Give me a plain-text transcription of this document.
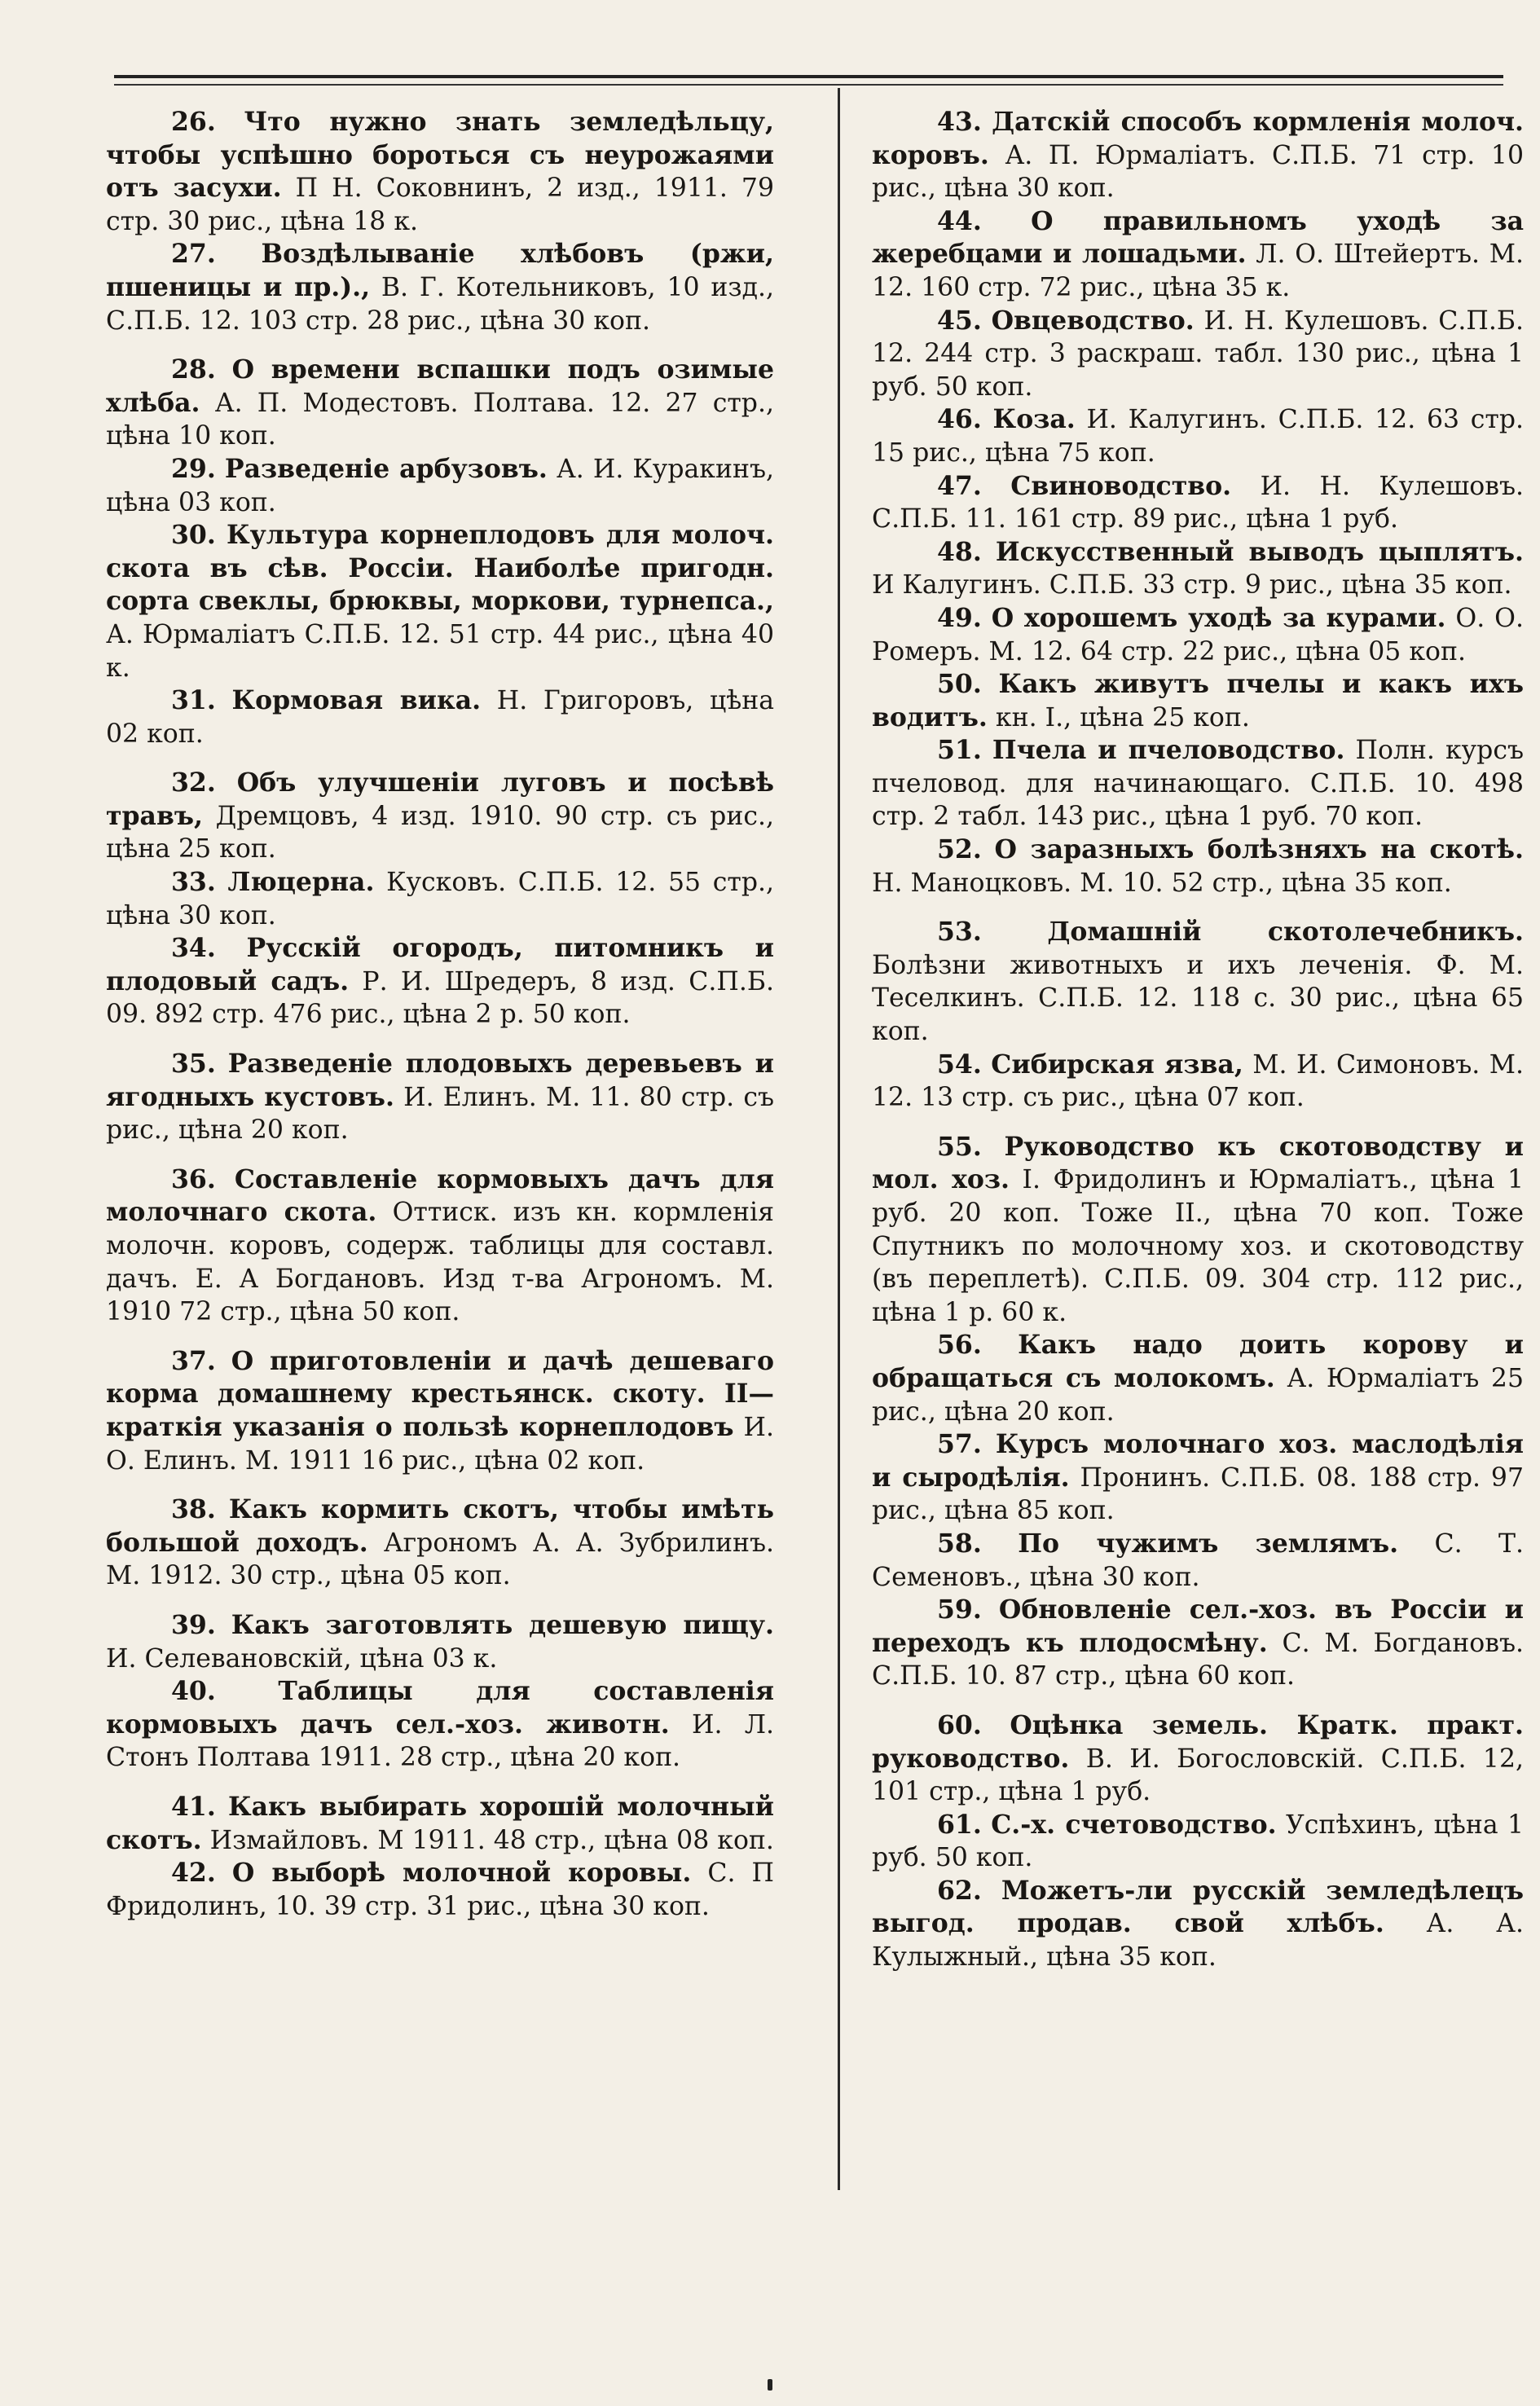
26. Что нужно знать земледѣльцу, чтобы успѣшно бороться съ неурожаями отъ засухи. П Н. Соковнинъ, 2 изд., 1911. 79 стр. 30 рис., цѣна 18 к.

27. Воздѣлываніе хлѣбовъ (ржи, пшеницы и пр.)., В. Г. Котельниковъ, 10 изд., С.П.Б. 12. 103 стр. 28 рис., цѣна 30 коп.

28. О времени вспашки подъ озимые хлѣба. А. П. Модестовъ. Полтава. 12. 27 стр., цѣна 10 коп.

29. Разведеніе арбузовъ. А. И. Куракинъ, цѣна 03 коп.

30. Культура корнеплодовъ для молоч. скота въ сѣв. Россіи. Наиболѣе пригодн. сорта свеклы, брюквы, моркови, турнепса., А. Юрмаліатъ С.П.Б. 12. 51 стр. 44 рис., цѣна 40 к.

31. Кормовая вика. Н. Григоровъ, цѣна 02 коп.

32. Объ улучшеніи луговъ и посѣвѣ травъ, Дремцовъ, 4 изд. 1910. 90 стр. съ рис., цѣна 25 коп.

33. Люцерна. Кусковъ. С.П.Б. 12. 55 стр., цѣна 30 коп.

34. Русскій огородъ, питомникъ и плодовый садъ. Р. И. Шредеръ, 8 изд. С.П.Б. 09. 892 стр. 476 рис., цѣна 2 р. 50 коп.

35. Разведеніе плодовыхъ деревьевъ и ягодныхъ кустовъ. И. Елинъ. М. 11. 80 стр. съ рис., цѣна 20 коп.

36. Составленіе кормовыхъ дачъ для молочнаго скота. Оттиск. изъ кн. кормленія молочн. коровъ, содерж. таблицы для составл. дачъ. Е. А Богдановъ. Изд т-ва Агрономъ. М. 1910 72 стр., цѣна 50 коп.

37. О приготовленіи и дачѣ дешеваго корма домашнему крестьянск. скоту. II—краткія указанія о пользѣ корнеплодовъ И. О. Елинъ. М. 1911 16 рис., цѣна 02 коп.

38. Какъ кормить скотъ, чтобы имѣть большой доходъ. Агрономъ А. А. Зубрилинъ. М. 1912. 30 стр., цѣна 05 коп.

39. Какъ заготовлять дешевую пищу. И. Селевановскій, цѣна 03 к.

40. Таблицы для составленія кормовыхъ дачъ сел.-хоз. животн. И. Л. Стонъ Полтава 1911. 28 стр., цѣна 20 коп.

41. Какъ выбирать хорошій молочный скотъ. Измайловъ. М 1911. 48 стр., цѣна 08 коп.

42. О выборѣ молочной коровы. С. П Фридолинъ, 10. 39 стр. 31 рис., цѣна 30 коп.

43. Датскій способъ кормленія молоч. коровъ. А. П. Юрмаліатъ. С.П.Б. 71 стр. 10 рис., цѣна 30 коп.

44. О правильномъ уходѣ за жеребцами и лошадьми. Л. О. Штейертъ. М. 12. 160 стр. 72 рис., цѣна 35 к.

45. Овцеводство. И. Н. Кулешовъ. С.П.Б. 12. 244 стр. 3 раскраш. табл. 130 рис., цѣна 1 руб. 50 коп.

46. Коза. И. Калугинъ. С.П.Б. 12. 63 стр. 15 рис., цѣна 75 коп.

47. Свиноводство. И. Н. Кулешовъ. С.П.Б. 11. 161 стр. 89 рис., цѣна 1 руб.

48. Искусственный выводъ цыплятъ. И Калугинъ. С.П.Б. 33 стр. 9 рис., цѣна 35 коп.

49. О хорошемъ уходѣ за курами. О. О. Ромеръ. М. 12. 64 стр. 22 рис., цѣна 05 коп.

50. Какъ живутъ пчелы и какъ ихъ водитъ. кн. I., цѣна 25 коп.

51. Пчела и пчеловодство. Полн. курсъ пчеловод. для начинающаго. С.П.Б. 10. 498 стр. 2 табл. 143 рис., цѣна 1 руб. 70 коп.

52. О заразныхъ болѣзняхъ на скотѣ. Н. Маноцковъ. М. 10. 52 стр., цѣна 35 коп.

53.	Домашній скотолечебникъ. Болѣзни животныхъ и ихъ леченія. Ф. М. Теселкинъ. С.П.Б. 12. 118 с. 30 рис., цѣна 65 коп.

54. Сибирская язва, М. И. Симоновъ. М. 12. 13 стр. съ рис., цѣна 07 коп.

55. Руководство къ скотоводству и мол. хоз. I. Фридолинъ и Юрмаліатъ., цѣна 1 руб. 20 коп. Тоже II., цѣна 70 коп. Тоже Спутникъ по молочному хоз. и скотоводству (въ переплетѣ). С.П.Б. 09. 304 стр. 112 рис., цѣна 1 р. 60 к.

56. Какъ надо доить корову и обращаться съ молокомъ. А. Юрмаліатъ 25 рис., цѣна 20 коп.

57. Курсъ молочнаго хоз. маслодѣлія и сыродѣлія. Пронинъ. С.П.Б. 08. 188 стр. 97 рис., цѣна 85 коп.

58. По чужимъ землямъ. С. Т. Семеновъ., цѣна 30 коп.

59. Обновленіе сел.-хоз. въ Россіи и переходъ къ плодосмѣну. С. М. Богдановъ. С.П.Б. 10. 87 стр., цѣна 60 коп.

60. Оцѣнка земель. Кратк. практ. руководство. В. И. Богословскій. С.П.Б. 12, 101 стр., цѣна 1 руб.

61. С.-х. счетоводство. Успѣхинъ, цѣна 1 руб. 50 коп.

62. Можетъ-ли русскій земледѣлецъ выгод. продав. свой хлѣбъ. А. А. Кулыжный., цѣна 35 коп.
